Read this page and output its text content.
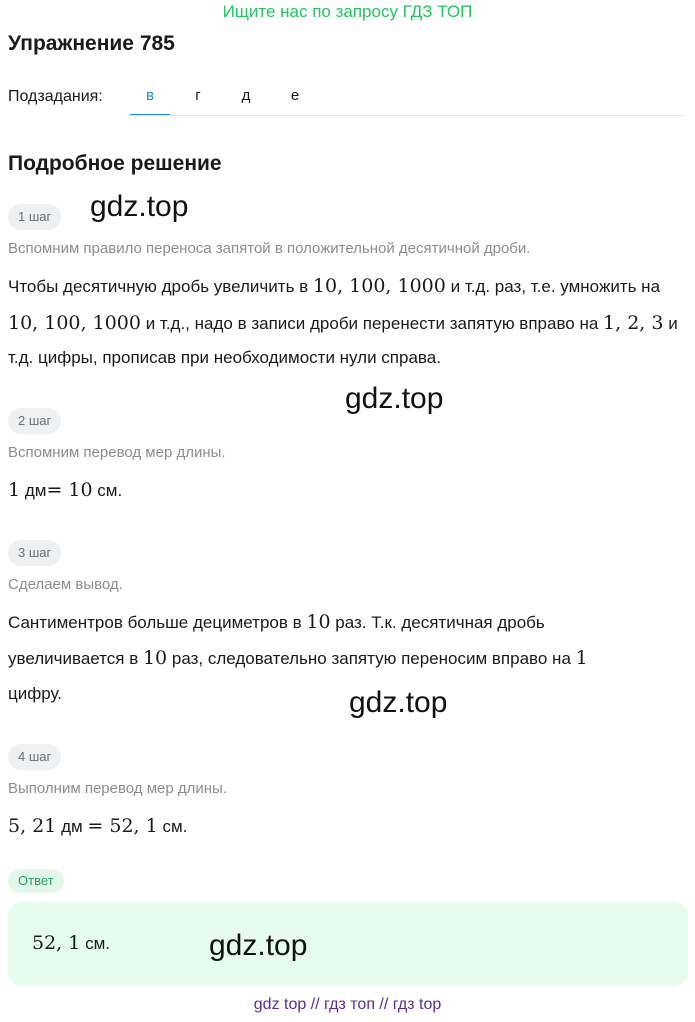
Ищите нас по запросу ГДЗ ТОП
Упражнение 785
Подзадания:	в	г	д	е
Подробное решение
1 шаг	gdz.top
Вспомним правило переноса запятой в положительной десятичной дроби.
Чтобы десятичную дробь увеличить в 10, 100, 1000 и т.д. раз, т.е. умножить на
10, 100, 1000 и т.д., надо в записи дроби перенести запятую вправо на 1, 2, 3 и
т.д. цифры, прописав при необходимости нули справа.
gdz.top
2 шаг
Вспомним перевод мер длины.
1 дм= 10 см.
3 шаг
Сделаем вывод.
Сантиментров больше дециметров в 10 раз. Т.к. десятичная дробь
увеличивается в 10 раз, следовательно запятую переносим вправо на 1
цифру.	gdz.top
4 шаг
Выполним перевод мер длины.
5, 21 дм = 52, 1 см.
Ответ
52, 1 см.	gdz.top
gdz top // гдз топ // гдз top
